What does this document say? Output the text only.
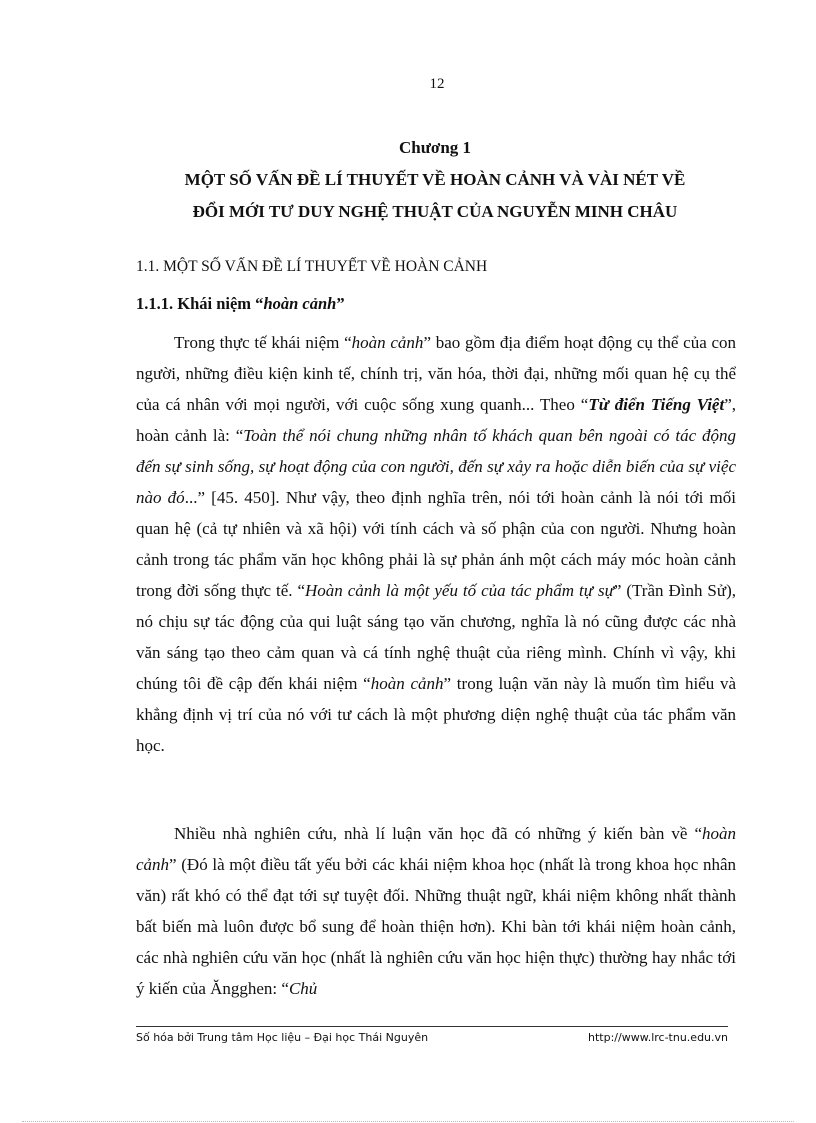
12
Chương 1
MỘT SỐ VẤN ĐỀ LÍ THUYẾT VỀ HOÀN CẢNH VÀ VÀI NÉT VỀ
ĐỔI MỚI TƯ DUY NGHỆ THUẬT CỦA NGUYỄN MINH CHÂU
1.1. MỘT SỐ VẤN ĐỀ LÍ THUYẾT VỀ HOÀN CẢNH
1.1.1. Khái niệm “hoàn cảnh”

Trong thực tế khái niệm “hoàn cảnh” bao gồm địa điểm hoạt động cụ thể của con người, những điều kiện kinh tế, chính trị, văn hóa, thời đại, những mối quan hệ cụ thể của cá nhân với mọi người, với cuộc sống xung quanh... Theo “Từ điển Tiếng Việt”, hoàn cảnh là: “Toàn thể nói chung những nhân tố khách quan bên ngoài có tác động đến sự sinh sống, sự hoạt động của con người, đến sự xảy ra hoặc diễn biến của sự việc nào đó...” [45. 450]. Như vậy, theo định nghĩa trên, nói tới hoàn cảnh là nói tới mối quan hệ (cả tự nhiên và xã hội) với tính cách và số phận của con người. Nhưng hoàn cảnh trong tác phẩm văn học không phải là sự phản ánh một cách máy móc hoàn cảnh trong đời sống thực tế. “Hoàn cảnh là một yếu tố của tác phẩm tự sự” (Trần Đình Sử), nó chịu sự tác động của qui luật sáng tạo văn chương, nghĩa là nó cũng được các nhà văn sáng tạo theo cảm quan và cá tính nghệ thuật của riêng mình. Chính vì vậy, khi chúng tôi đề cập đến khái niệm “hoàn cảnh” trong luận văn này là muốn tìm hiểu và khẳng định vị trí của nó với tư cách là một phương diện nghệ thuật của tác phẩm văn học.

Nhiều nhà nghiên cứu, nhà lí luận văn học đã có những ý kiến bàn về “hoàn cảnh” (Đó là một điều tất yếu bởi các khái niệm khoa học (nhất là trong khoa học nhân văn) rất khó có thể đạt tới sự tuyệt đối. Những thuật ngữ, khái niệm không nhất thành bất biến mà luôn được bổ sung để hoàn thiện hơn). Khi bàn tới khái niệm hoàn cảnh, các nhà nghiên cứu văn học (nhất là nghiên cứu văn học hiện thực) thường hay nhắc tới ý kiến của Ăngghen: “Chủ

Số hóa bởi Trung tâm Học liệu – Đại học Thái Nguyên	http://www.lrc-tnu.edu.vn
